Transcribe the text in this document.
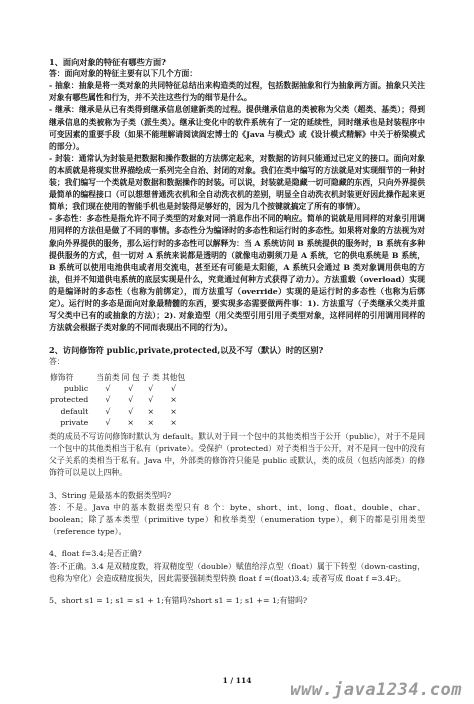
1、面向对象的特征有哪些方面?

答：面向对象的特征主要有以下几个方面：

- 抽象：抽象是将一类对象的共同特征总结出来构造类的过程，包括数据抽象和行为抽象两方面。抽象只关注对象有哪些属性和行为，并不关注这些行为的细节是什么。

- 继承：继承是从已有类得到继承信息创建新类的过程。提供继承信息的类被称为父类（超类、基类）；得到继承信息的类被称为子类（派生类）。继承让变化中的软件系统有了一定的延续性，同时继承也是封装程序中可变因素的重要手段（如果不能理解请阅读阎宏博士的《Java 与模式》或《设计模式精解》中关于桥梁模式的部分）。

- 封装：通常认为封装是把数据和操作数据的方法绑定起来，对数据的访问只能通过已定义的接口。面向对象的本质就是将现实世界描绘成一系列完全自治、封闭的对象。我们在类中编写的方法就是对实现细节的一种封装；我们编写一个类就是对数据和数据操作的封装。可以说，封装就是隐藏一切可隐藏的东西，只向外界提供最简单的编程接口（可以想想普通洗衣机和全自动洗衣机的差别，明显全自动洗衣机封装更好因此操作起来更简单；我们现在使用的智能手机也是封装得足够好的，因为几个按键就搞定了所有的事情）。

- 多态性：多态性是指允许不同子类型的对象对同一消息作出不同的响应。简单的说就是用同样的对象引用调用同样的方法但是做了不同的事情。多态性分为编译时的多态性和运行时的多态性。如果将对象的方法视为对象向外界提供的服务，那么运行时的多态性可以解释为：当 A 系统访问 B 系统提供的服务时，B 系统有多种提供服务的方式，但一切对 A 系统来说都是透明的（就像电动剃须刀是 A 系统，它的供电系统是 B 系统，B 系统可以使用电池供电或者用交流电，甚至还有可能是太阳能，A 系统只会通过 B 类对象调用供电的方法，但并不知道供电系统的底层实现是什么，究竟通过何种方式获得了动力）。方法重载（overload）实现的是编译时的多态性（也称为前绑定），而方法重写（override）实现的是运行时的多态性（也称为后绑定）。运行时的多态是面向对象最精髓的东西，要实现多态需要做两件事：1). 方法重写（子类继承父类并重写父类中已有的或抽象的方法）；2). 对象造型（用父类型引用引用子类型对象，这样同样的引用调用同样的方法就会根据子类对象的不同而表现出不同的行为）。

2、访问修饰符 public,private,protected,以及不写（默认）时的区别?

答：

修饰符	当前类	同 包	子 类	其他包
public	√	√	√	√
protected	√	√	√	×
default	√	√	×	×
private	√	×	×	×

类的成员不写访问修饰时默认为 default。默认对于同一个包中的其他类相当于公开（public），对于不是同一个包中的其他类相当于私有（private）。受保护（protected）对子类相当于公开，对不是同一包中的没有父子关系的类相当于私有。Java 中，外部类的修饰符只能是 public 或默认，类的成员（包括内部类）的修饰符可以是以上四种。

3、String 是最基本的数据类型吗?

答：不是。Java 中的基本数据类型只有 8 个：byte、short、int、long、float、double、char、boolean；除了基本类型（primitive type）和枚举类型（enumeration type），剩下的都是引用类型（reference type）。

4、float f=3.4;是否正确?

答:不正确。3.4 是双精度数，将双精度型（double）赋值给浮点型（float）属于下转型（down-casting，也称为窄化）会造成精度损失，因此需要强制类型转换 float f =(float)3.4; 或者写成 float f =3.4F;。

5、short s1 = 1; s1 = s1 + 1;有错吗?short s1 = 1; s1 += 1;有错吗?

1 / 114	www.java1234.com
